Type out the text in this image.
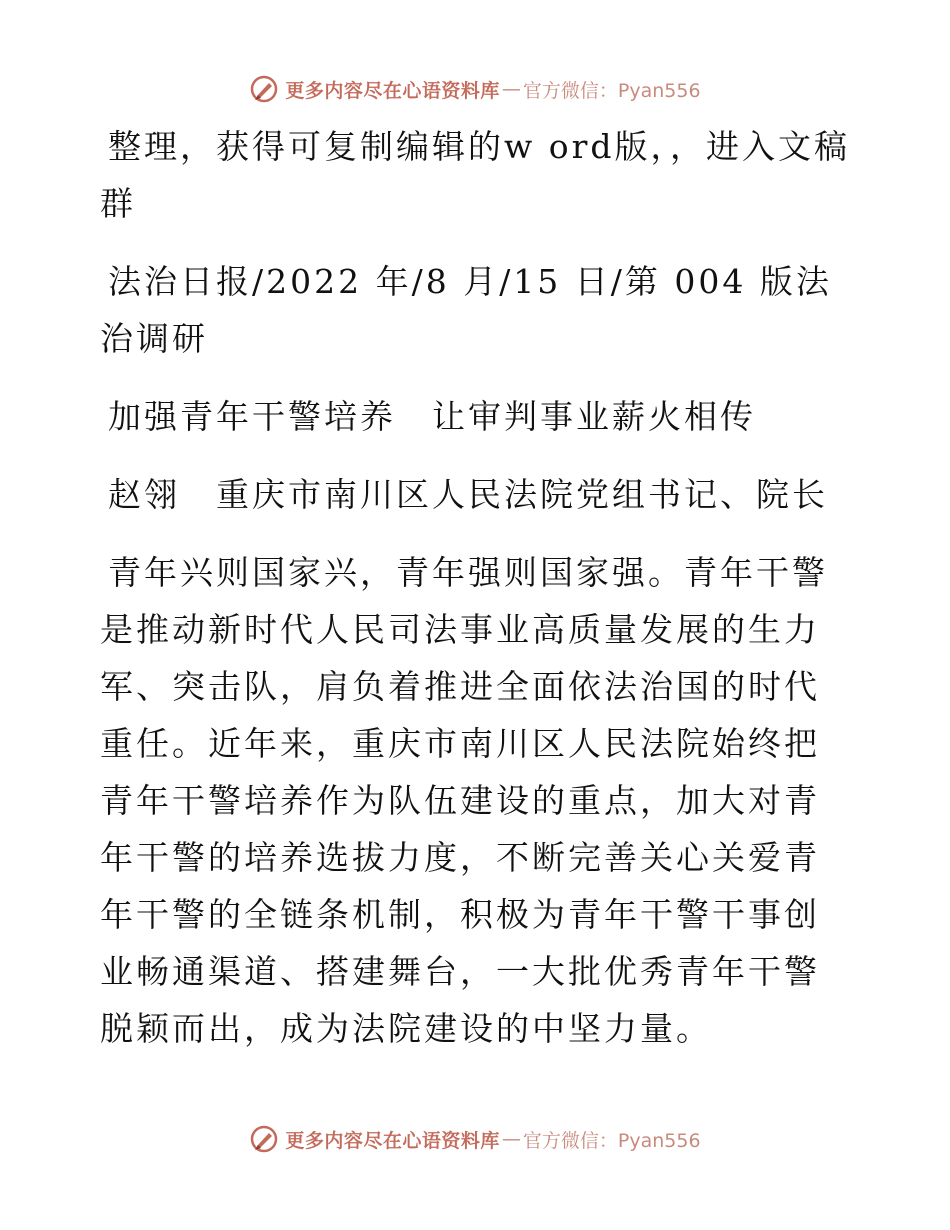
更多内容尽在心语资料库 — 官方微信：Pyan556

整理，获得可复制编辑的w ord版，，进入文稿群

法治日报/2022 年/8 月/15 日/第 004 版法治调研

加强青年干警培养　让审判事业薪火相传

赵翎　重庆市南川区人民法院党组书记、院长

青年兴则国家兴，青年强则国家强。青年干警是推动新时代人民司法事业高质量发展的生力军、突击队，肩负着推进全面依法治国的时代重任。近年来，重庆市南川区人民法院始终把青年干警培养作为队伍建设的重点，加大对青年干警的培养选拔力度，不断完善关心关爱青年干警的全链条机制，积极为青年干警干事创业畅通渠道、搭建舞台，一大批优秀青年干警脱颖而出，成为法院建设的中坚力量。

更多内容尽在心语资料库 — 官方微信：Pyan556
